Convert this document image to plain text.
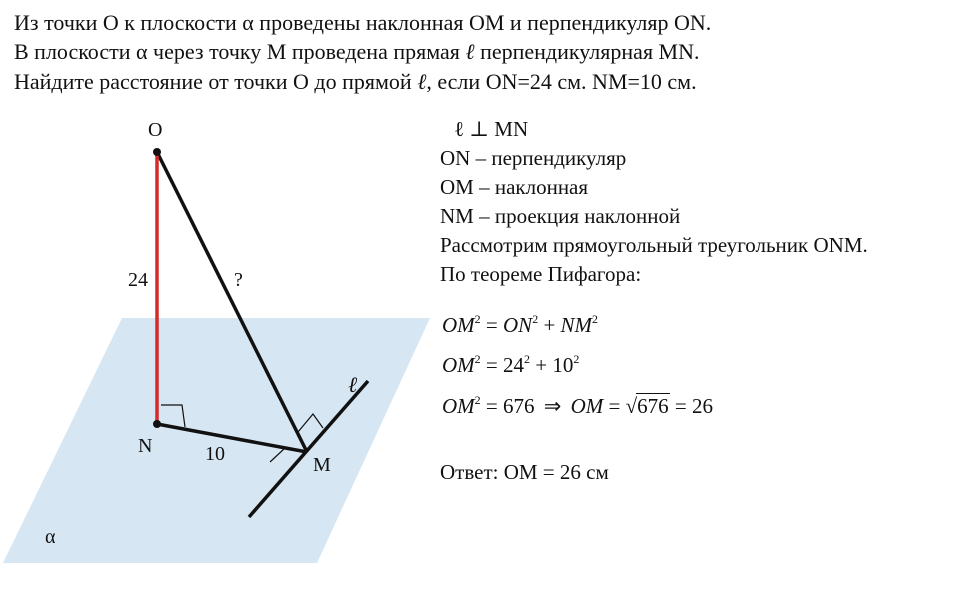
Из точки О к плоскости α проведены наклонная ОМ и перпендикуляр ON.
В плоскости α через точку M проведена прямая ℓ перпендикулярная MN.
Найдите расстояние от точки О до прямой ℓ, если ON=24 см. NM=10 см.
O
N
M
24	?
10
ℓ
α
ℓ ⊥ MN
ON – перпендикуляр
OM – наклонная
NM – проекция наклонной
Рассмотрим прямоугольный треугольник ONM.
По теореме Пифагора:
$OM^2 = ON^2 + NM^2$
$OM^2 = 24^2 + 10^2$
$OM^2 = 676$ ⇒ OM = √676 = 26
Ответ: OM = 26 см
